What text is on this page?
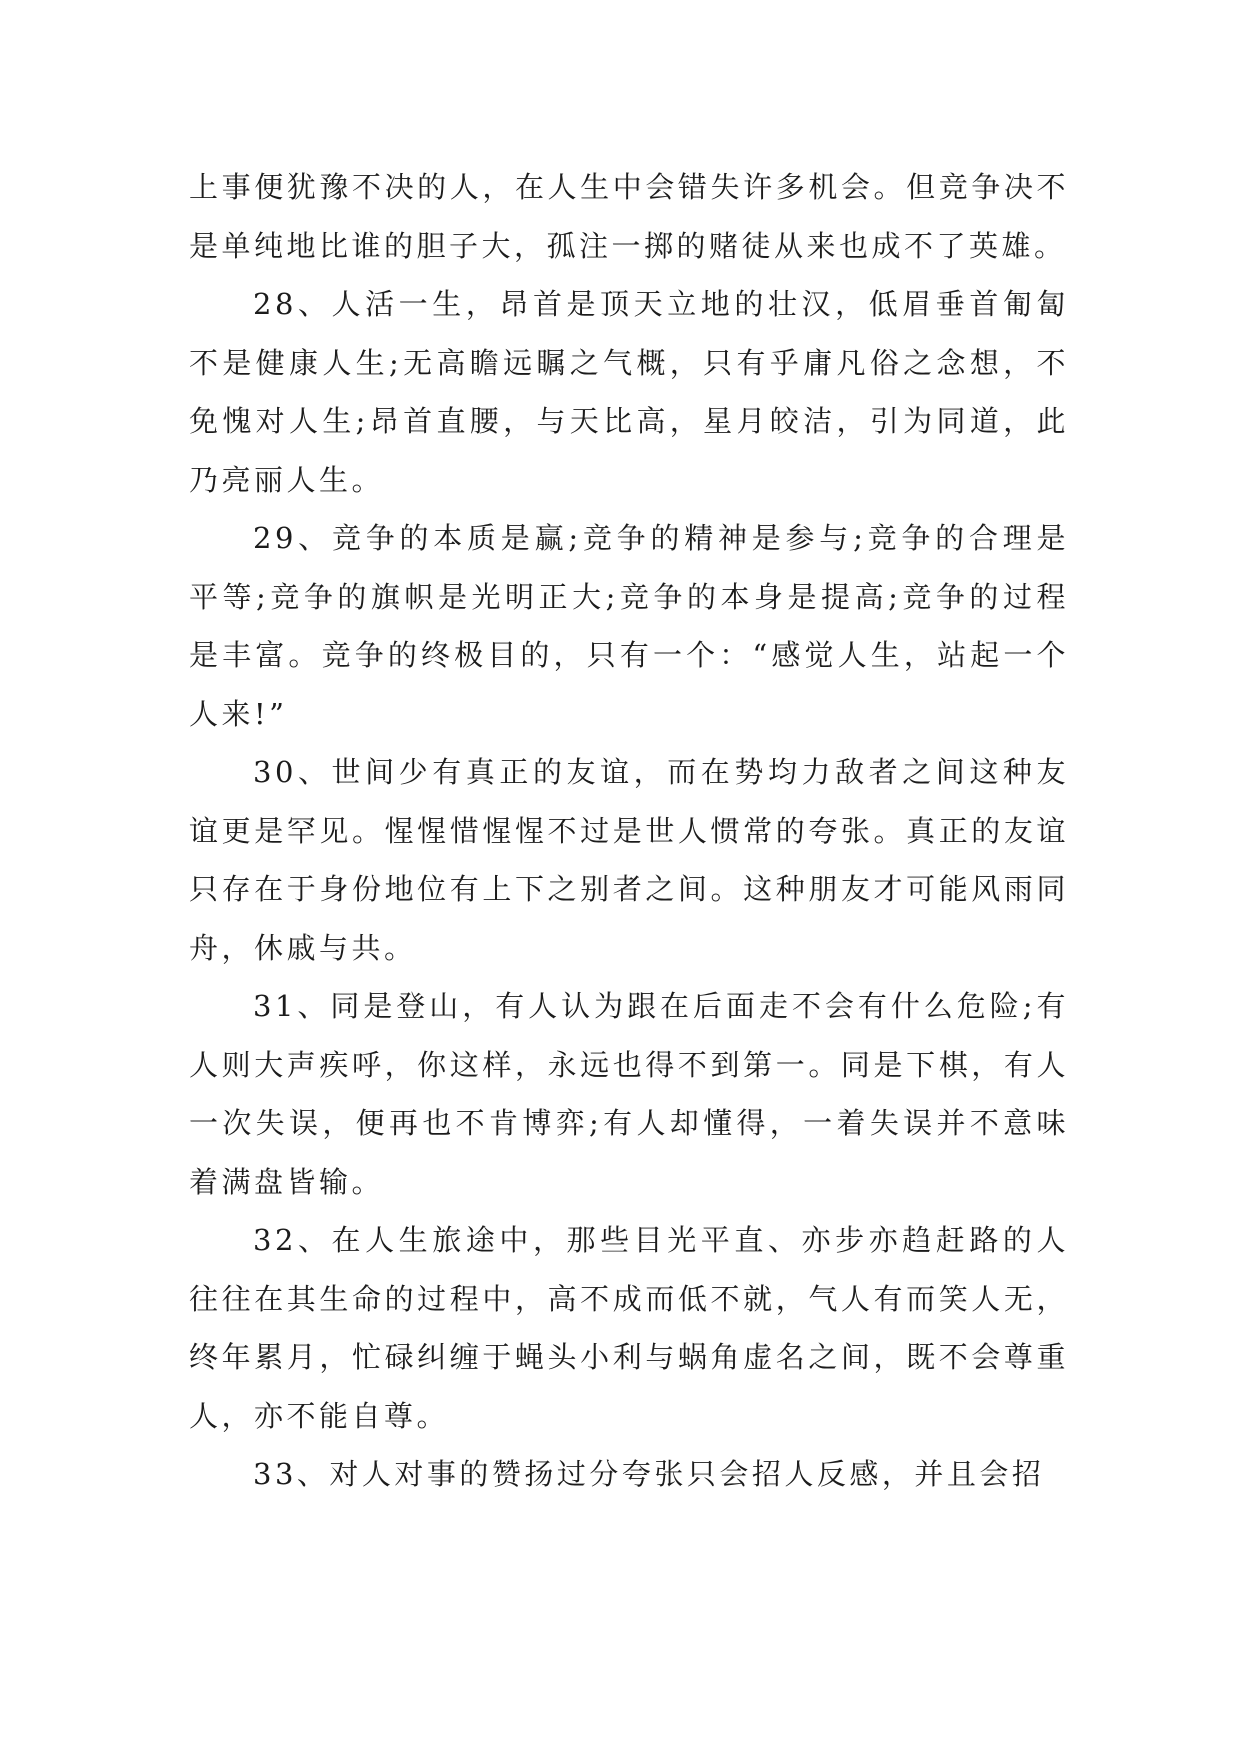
上事便犹豫不决的人，在人生中会错失许多机会。但竞争决不是单纯地比谁的胆子大，孤注一掷的赌徒从来也成不了英雄。

28、人活一生，昂首是顶天立地的壮汉，低眉垂首匍匐不是健康人生;无高瞻远瞩之气概，只有乎庸凡俗之念想，不免愧对人生;昂首直腰，与天比高，星月皎洁，引为同道，此乃亮丽人生。

29、竞争的本质是赢;竞争的精神是参与;竞争的合理是平等;竞争的旗帜是光明正大;竞争的本身是提高;竞争的过程是丰富。竞争的终极目的，只有一个：“感觉人生，站起一个人来!”

30、世间少有真正的友谊，而在势均力敌者之间这种友谊更是罕见。惺惺惜惺惺不过是世人惯常的夸张。真正的友谊只存在于身份地位有上下之别者之间。这种朋友才可能风雨同舟，休戚与共。

31、同是登山，有人认为跟在后面走不会有什么危险;有人则大声疾呼，你这样，永远也得不到第一。同是下棋，有人一次失误，便再也不肯博弈;有人却懂得，一着失误并不意味着满盘皆输。

32、在人生旅途中，那些目光平直、亦步亦趋赶路的人往往在其生命的过程中，高不成而低不就，气人有而笑人无，终年累月，忙碌纠缠于蝇头小利与蜗角虚名之间，既不会尊重人，亦不能自尊。

33、对人对事的赞扬过分夸张只会招人反感，并且会招
